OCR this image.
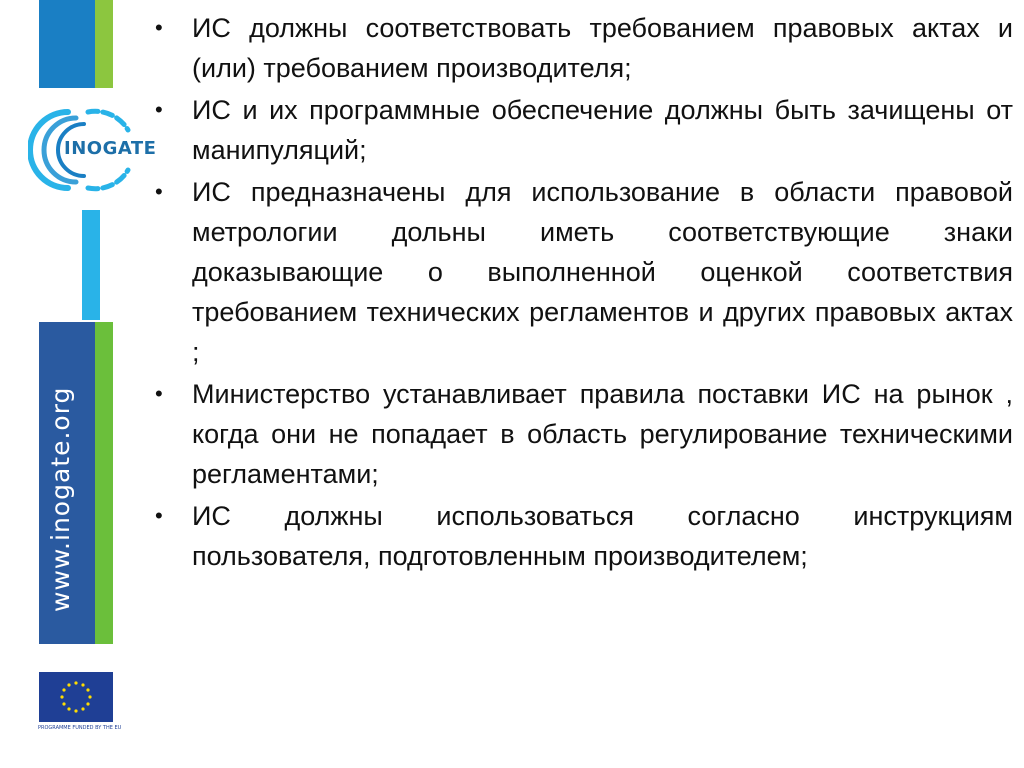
INOGATE
www.inogate.org
PROGRAMME FUNDED BY THE EU
• ИС должны соответствовать требованием правовых актах и (или) требованием производителя;
• ИС и их программные обеспечение должны быть зачищены от манипуляций;
• ИС предназначены для использование в области правовой метрологии дольны иметь соответствующие знаки доказывающие о выполненной оценкой соответствия требованием технических регламентов и других правовых актах ;
• Министерство устанавливает правила поставки ИС на рынок , когда они не попадает в область регулирование техническими регламентами;
• ИС должны использоваться согласно инструкциям пользователя, подготовленным производителем;
